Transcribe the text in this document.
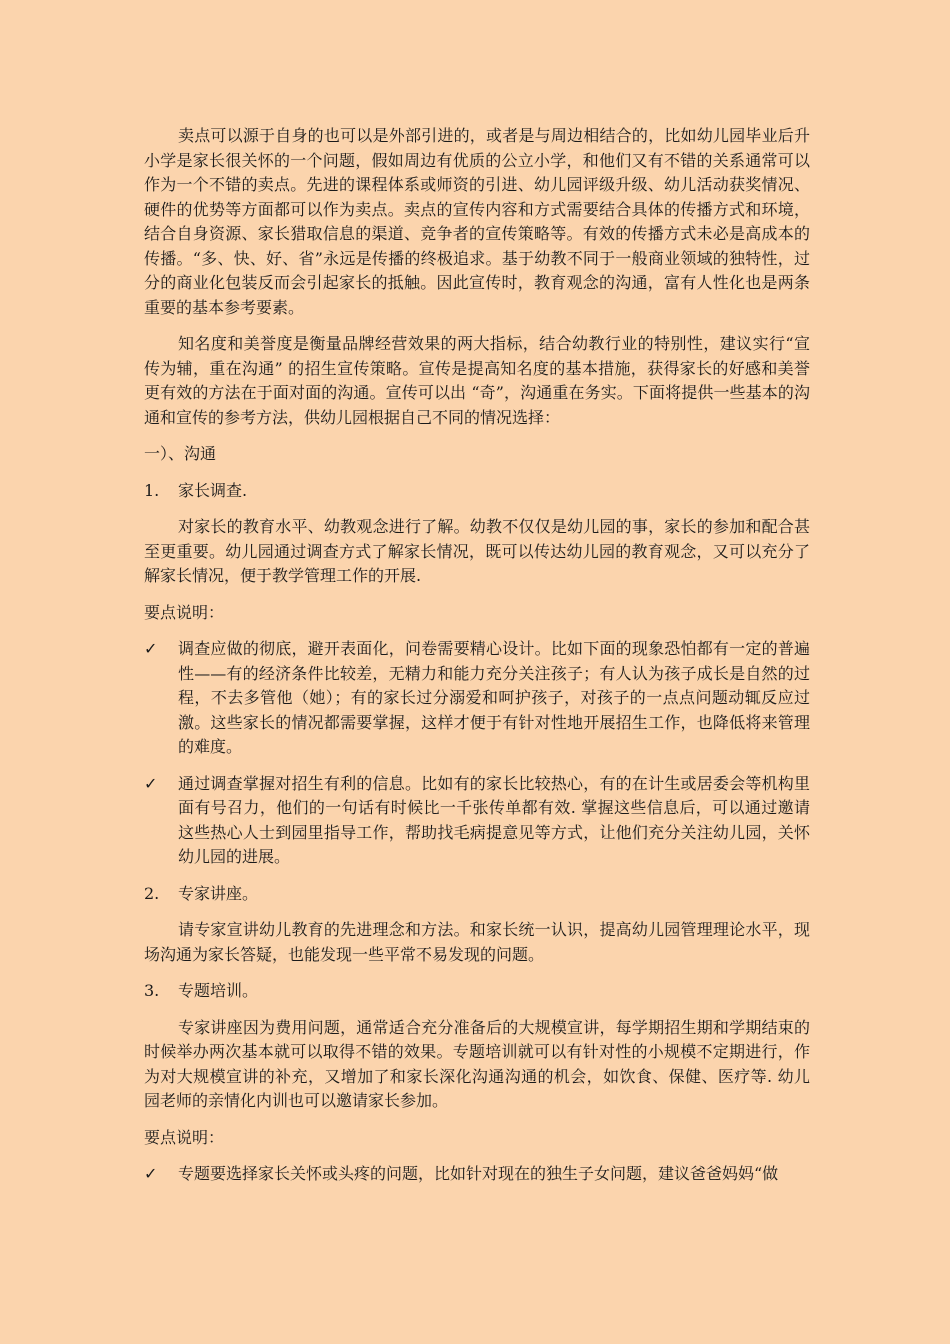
卖点可以源于自身的也可以是外部引进的，或者是与周边相结合的，比如幼儿园毕业后升小学是家长很关怀的一个问题，假如周边有优质的公立小学，和他们又有不错的关系通常可以作为一个不错的卖点。先进的课程体系或师资的引进、幼儿园评级升级、幼儿活动获奖情况、硬件的优势等方面都可以作为卖点。卖点的宣传内容和方式需要结合具体的传播方式和环境，结合自身资源、家长猎取信息的渠道、竞争者的宣传策略等。有效的传播方式未必是高成本的传播。“多、快、好、省”永远是传播的终极追求。基于幼教不同于一般商业领域的独特性，过分的商业化包装反而会引起家长的抵触。因此宣传时，教育观念的沟通，富有人性化也是两条重要的基本参考要素。

知名度和美誉度是衡量品牌经营效果的两大指标，结合幼教行业的特别性，建议实行“宣传为辅，重在沟通” 的招生宣传策略。宣传是提高知名度的基本措施，获得家长的好感和美誉更有效的方法在于面对面的沟通。宣传可以出 “奇”，沟通重在务实。下面将提供一些基本的沟通和宣传的参考方法，供幼儿园根据自己不同的情况选择：

一）、沟通

1.	家长调查.

对家长的教育水平、幼教观念进行了解。幼教不仅仅是幼儿园的事，家长的参加和配合甚至更重要。幼儿园通过调查方式了解家长情况，既可以传达幼儿园的教育观念，又可以充分了解家长情况，便于教学管理工作的开展.

要点说明：

✓	调查应做的彻底，避开表面化，问卷需要精心设计。比如下面的现象恐怕都有一定的普遍性——有的经济条件比较差，无精力和能力充分关注孩子；有人认为孩子成长是自然的过程，不去多管他（她）；有的家长过分溺爱和呵护孩子，对孩子的一点点问题动辄反应过激。这些家长的情况都需要掌握，这样才便于有针对性地开展招生工作，也降低将来管理的难度。
✓	通过调查掌握对招生有利的信息。比如有的家长比较热心，有的在计生或居委会等机构里面有号召力，他们的一句话有时候比一千张传单都有效. 掌握这些信息后，可以通过邀请这些热心人士到园里指导工作，帮助找毛病提意见等方式，让他们充分关注幼儿园，关怀幼儿园的进展。
2.	专家讲座。

请专家宣讲幼儿教育的先进理念和方法。和家长统一认识，提高幼儿园管理理论水平，现场沟通为家长答疑，也能发现一些平常不易发现的问题。

3.	专题培训。

专家讲座因为费用问题，通常适合充分准备后的大规模宣讲，每学期招生期和学期结束的时候举办两次基本就可以取得不错的效果。专题培训就可以有针对性的小规模不定期进行，作为对大规模宣讲的补充，又增加了和家长深化沟通沟通的机会，如饮食、保健、医疗等. 幼儿园老师的亲情化内训也可以邀请家长参加。

要点说明：

✓	专题要选择家长关怀或头疼的问题，比如针对现在的独生子女问题，建议爸爸妈妈“做
